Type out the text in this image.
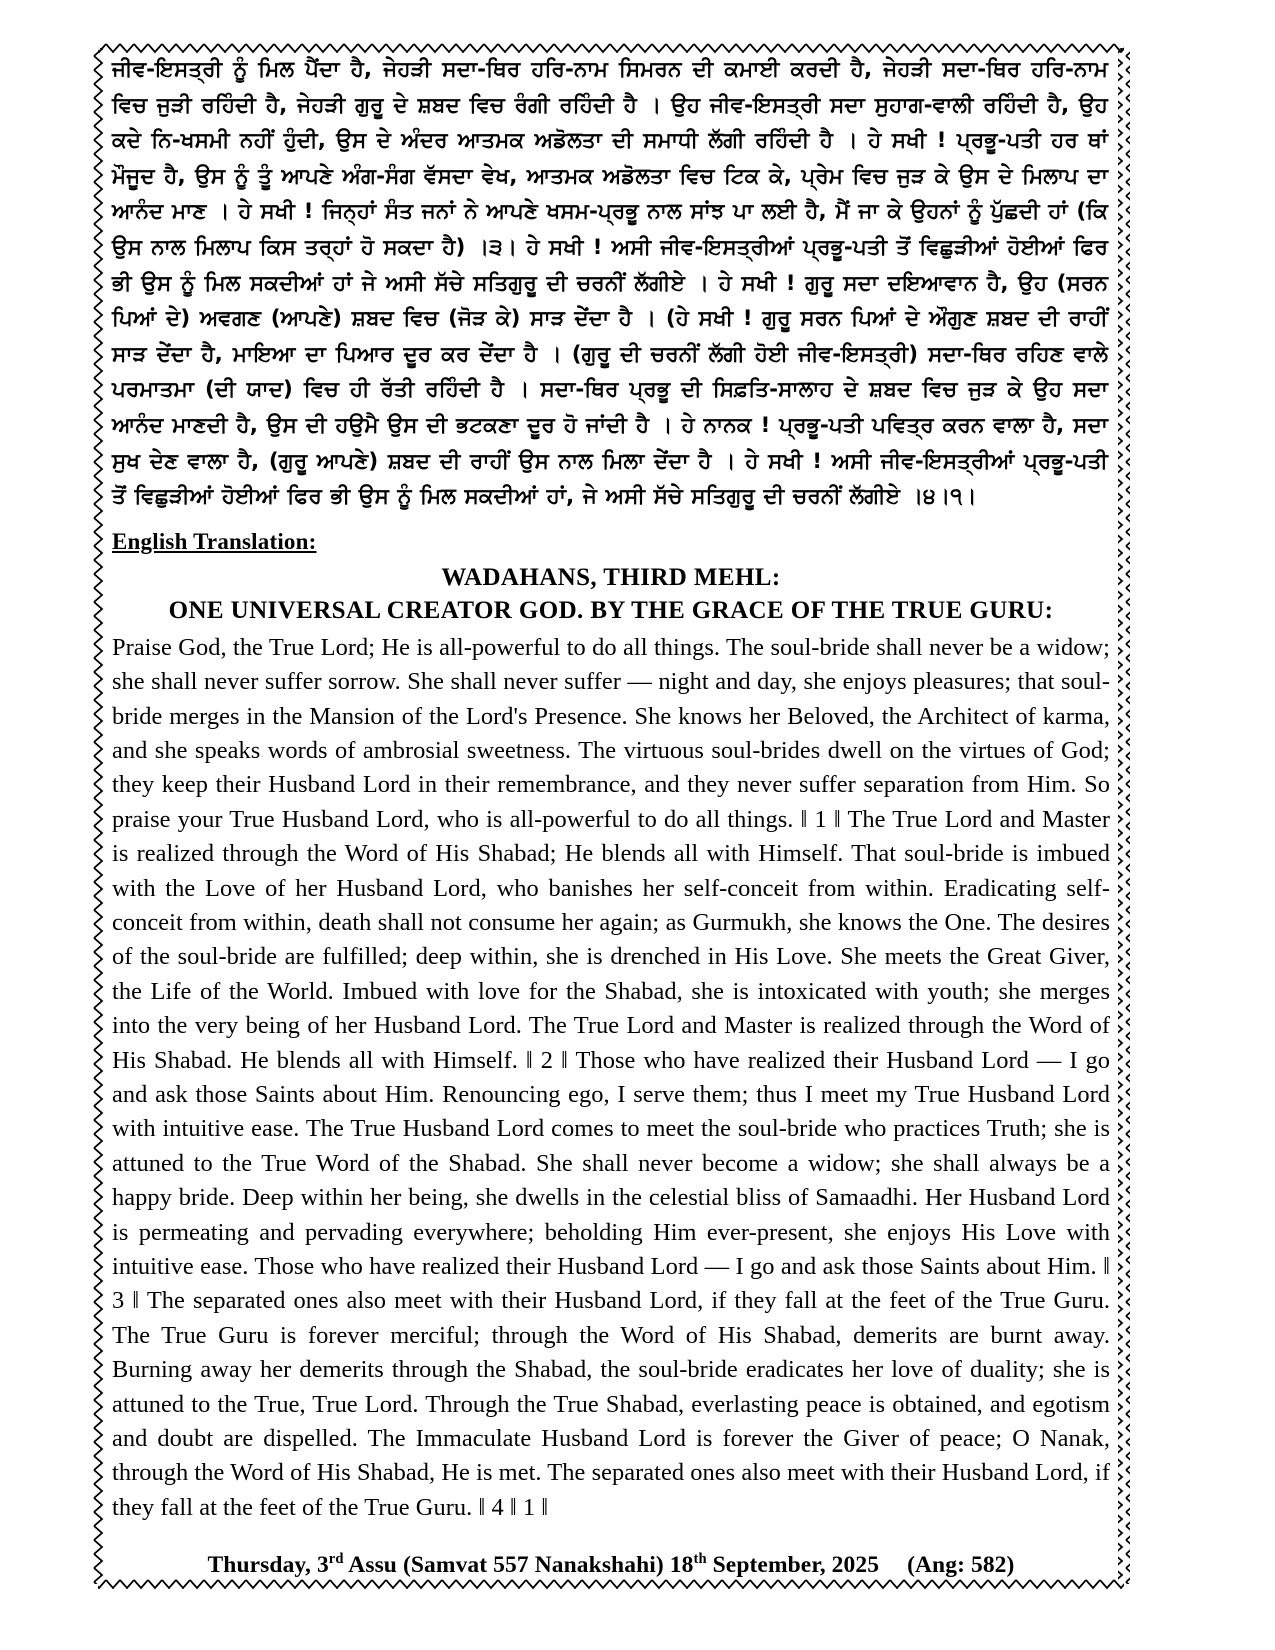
ਜੀਵ-ਇਸਤ੍ਰੀ ਨੂੰ ਮਿਲ ਪੈਂਦਾ ਹੈ, ਜੇਹੜੀ ਸਦਾ-ਥਿਰ ਹਰਿ-ਨਾਮ ਸਿਮਰਨ ਦੀ ਕਮਾਈ ਕਰਦੀ ਹੈ, ਜੇਹੜੀ ਸਦਾ-ਥਿਰ ਹਰਿ-ਨਾਮ ਵਿਚ ਜੁੜੀ ਰਹਿੰਦੀ ਹੈ, ਜੇਹੜੀ ਗੁਰੂ ਦੇ ਸ਼ਬਦ ਵਿਚ ਰੰਗੀ ਰਹਿੰਦੀ ਹੈ । ਉਹ ਜੀਵ-ਇਸਤ੍ਰੀ ਸਦਾ ਸੁਹਾਗ-ਵਾਲੀ ਰਹਿੰਦੀ ਹੈ, ਉਹ ਕਦੇ ਨਿ-ਖਸਮੀ ਨਹੀਂ ਹੁੰਦੀ, ਉਸ ਦੇ ਅੰਦਰ ਆਤਮਕ ਅਡੋਲਤਾ ਦੀ ਸਮਾਧੀ ਲੱਗੀ ਰਹਿੰਦੀ ਹੈ । ਹੇ ਸਖੀ ! ਪ੍ਰਭੂ-ਪਤੀ ਹਰ ਥਾਂ ਮੌਜੂਦ ਹੈ, ਉਸ ਨੂੰ ਤੂੰ ਆਪਣੇ ਅੰਗ-ਸੰਗ ਵੱਸਦਾ ਵੇਖ, ਆਤਮਕ ਅਡੋਲਤਾ ਵਿਚ ਟਿਕ ਕੇ, ਪ੍ਰੇਮ ਵਿਚ ਜੁੜ ਕੇ ਉਸ ਦੇ ਮਿਲਾਪ ਦਾ ਆਨੰਦ ਮਾਣ । ਹੇ ਸਖੀ ! ਜਿਨ੍ਹਾਂ ਸੰਤ ਜਨਾਂ ਨੇ ਆਪਣੇ ਖਸਮ-ਪ੍ਰਭੂ ਨਾਲ ਸਾਂਝ ਪਾ ਲਈ ਹੈ, ਮੈਂ ਜਾ ਕੇ ਉਹਨਾਂ ਨੂੰ ਪੁੱਛਦੀ ਹਾਂ (ਕਿ ਉਸ ਨਾਲ ਮਿਲਾਪ ਕਿਸ ਤਰ੍ਹਾਂ ਹੋ ਸਕਦਾ ਹੈ) ।੩। ਹੇ ਸਖੀ ! ਅਸੀ ਜੀਵ-ਇਸਤ੍ਰੀਆਂ ਪ੍ਰਭੂ-ਪਤੀ ਤੋਂ ਵਿਛੁੜੀਆਂ ਹੋਈਆਂ ਫਿਰ ਭੀ ਉਸ ਨੂੰ ਮਿਲ ਸਕਦੀਆਂ ਹਾਂ ਜੇ ਅਸੀ ਸੱਚੇ ਸਤਿਗੁਰੂ ਦੀ ਚਰਨੀਂ ਲੱਗੀਏ । ਹੇ ਸਖੀ ! ਗੁਰੂ ਸਦਾ ਦਇਆਵਾਨ ਹੈ, ਉਹ (ਸਰਨ ਪਿਆਂ ਦੇ) ਅਵਗਣ (ਆਪਣੇ) ਸ਼ਬਦ ਵਿਚ (ਜੋੜ ਕੇ) ਸਾੜ ਦੇਂਦਾ ਹੈ । (ਹੇ ਸਖੀ ! ਗੁਰੂ ਸਰਨ ਪਿਆਂ ਦੇ ਔਗੁਣ ਸ਼ਬਦ ਦੀ ਰਾਹੀਂ ਸਾੜ ਦੇਂਦਾ ਹੈ, ਮਾਇਆ ਦਾ ਪਿਆਰ ਦੂਰ ਕਰ ਦੇਂਦਾ ਹੈ । (ਗੁਰੂ ਦੀ ਚਰਨੀਂ ਲੱਗੀ ਹੋਈ ਜੀਵ-ਇਸਤ੍ਰੀ) ਸਦਾ-ਥਿਰ ਰਹਿਣ ਵਾਲੇ ਪਰਮਾਤਮਾ (ਦੀ ਯਾਦ) ਵਿਚ ਹੀ ਰੱਤੀ ਰਹਿੰਦੀ ਹੈ । ਸਦਾ-ਥਿਰ ਪ੍ਰਭੂ ਦੀ ਸਿਫ਼ਤਿ-ਸਾਲਾਹ ਦੇ ਸ਼ਬਦ ਵਿਚ ਜੁੜ ਕੇ ਉਹ ਸਦਾ ਆਨੰਦ ਮਾਣਦੀ ਹੈ, ਉਸ ਦੀ ਹਉਮੈ ਉਸ ਦੀ ਭਟਕਣਾ ਦੂਰ ਹੋ ਜਾਂਦੀ ਹੈ । ਹੇ ਨਾਨਕ ! ਪ੍ਰਭੂ-ਪਤੀ ਪਵਿਤ੍ਰ ਕਰਨ ਵਾਲਾ ਹੈ, ਸਦਾ ਸੁਖ ਦੇਣ ਵਾਲਾ ਹੈ, (ਗੁਰੂ ਆਪਣੇ) ਸ਼ਬਦ ਦੀ ਰਾਹੀਂ ਉਸ ਨਾਲ ਮਿਲਾ ਦੇਂਦਾ ਹੈ । ਹੇ ਸਖੀ ! ਅਸੀ ਜੀਵ-ਇਸਤ੍ਰੀਆਂ ਪ੍ਰਭੂ-ਪਤੀ ਤੋਂ ਵਿਛੁੜੀਆਂ ਹੋਈਆਂ ਫਿਰ ਭੀ ਉਸ ਨੂੰ ਮਿਲ ਸਕਦੀਆਂ ਹਾਂ, ਜੇ ਅਸੀ ਸੱਚੇ ਸਤਿਗੁਰੂ ਦੀ ਚਰਨੀਂ ਲੱਗੀਏ ।੪।੧।

English Translation:
WADAHANS, THIRD MEHL:
ONE UNIVERSAL CREATOR GOD. BY THE GRACE OF THE TRUE GURU:

Praise God, the True Lord; He is all-powerful to do all things. The soul-bride shall never be a widow; she shall never suffer sorrow. She shall never suffer — night and day, she enjoys pleasures; that soul-bride merges in the Mansion of the Lord's Presence. She knows her Beloved, the Architect of karma, and she speaks words of ambrosial sweetness. The virtuous soul-brides dwell on the virtues of God; they keep their Husband Lord in their remembrance, and they never suffer separation from Him. So praise your True Husband Lord, who is all-powerful to do all things. ‖ 1 ‖ The True Lord and Master is realized through the Word of His Shabad; He blends all with Himself. That soul-bride is imbued with the Love of her Husband Lord, who banishes her self-conceit from within. Eradicating self-conceit from within, death shall not consume her again; as Gurmukh, she knows the One. The desires of the soul-bride are fulfilled; deep within, she is drenched in His Love. She meets the Great Giver, the Life of the World. Imbued with love for the Shabad, she is intoxicated with youth; she merges into the very being of her Husband Lord. The True Lord and Master is realized through the Word of His Shabad. He blends all with Himself. ‖ 2 ‖ Those who have realized their Husband Lord — I go and ask those Saints about Him. Renouncing ego, I serve them; thus I meet my True Husband Lord with intuitive ease. The True Husband Lord comes to meet the soul-bride who practices Truth; she is attuned to the True Word of the Shabad. She shall never become a widow; she shall always be a happy bride. Deep within her being, she dwells in the celestial bliss of Samaadhi. Her Husband Lord is permeating and pervading everywhere; beholding Him ever-present, she enjoys His Love with intuitive ease. Those who have realized their Husband Lord — I go and ask those Saints about Him. ‖ 3 ‖ The separated ones also meet with their Husband Lord, if they fall at the feet of the True Guru. The True Guru is forever merciful; through the Word of His Shabad, demerits are burnt away. Burning away her demerits through the Shabad, the soul-bride eradicates her love of duality; she is attuned to the True, True Lord. Through the True Shabad, everlasting peace is obtained, and egotism and doubt are dispelled. The Immaculate Husband Lord is forever the Giver of peace; O Nanak, through the Word of His Shabad, He is met. The separated ones also meet with their Husband Lord, if they fall at the feet of the True Guru. ‖ 4 ‖ 1 ‖

Thursday, 3rd Assu (Samvat 557 Nanakshahi) 18th September, 2025 (Ang: 582)
